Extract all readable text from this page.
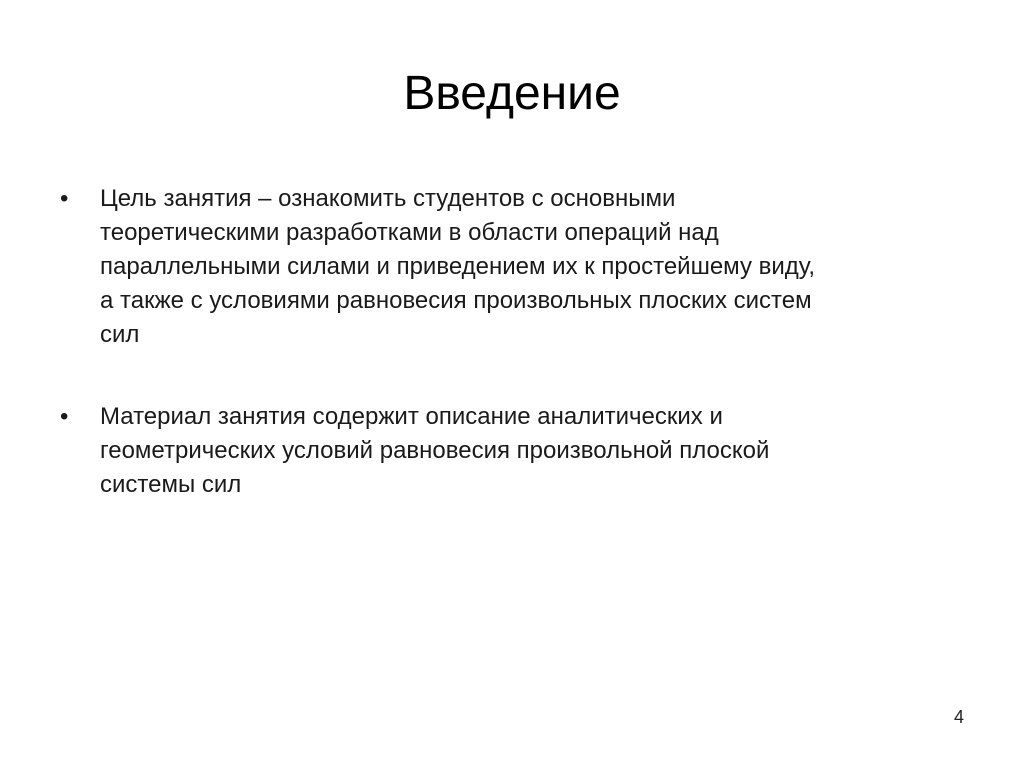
Введение
•	Цель занятия – ознакомить студентов с основными
теоретическими разработками в области операций над
параллельными силами и приведением их к простейшему виду,
а также с условиями равновесия произвольных плоских систем
сил
•	Материал занятия содержит описание аналитических и
геометрических условий равновесия произвольной плоской
системы сил
4
